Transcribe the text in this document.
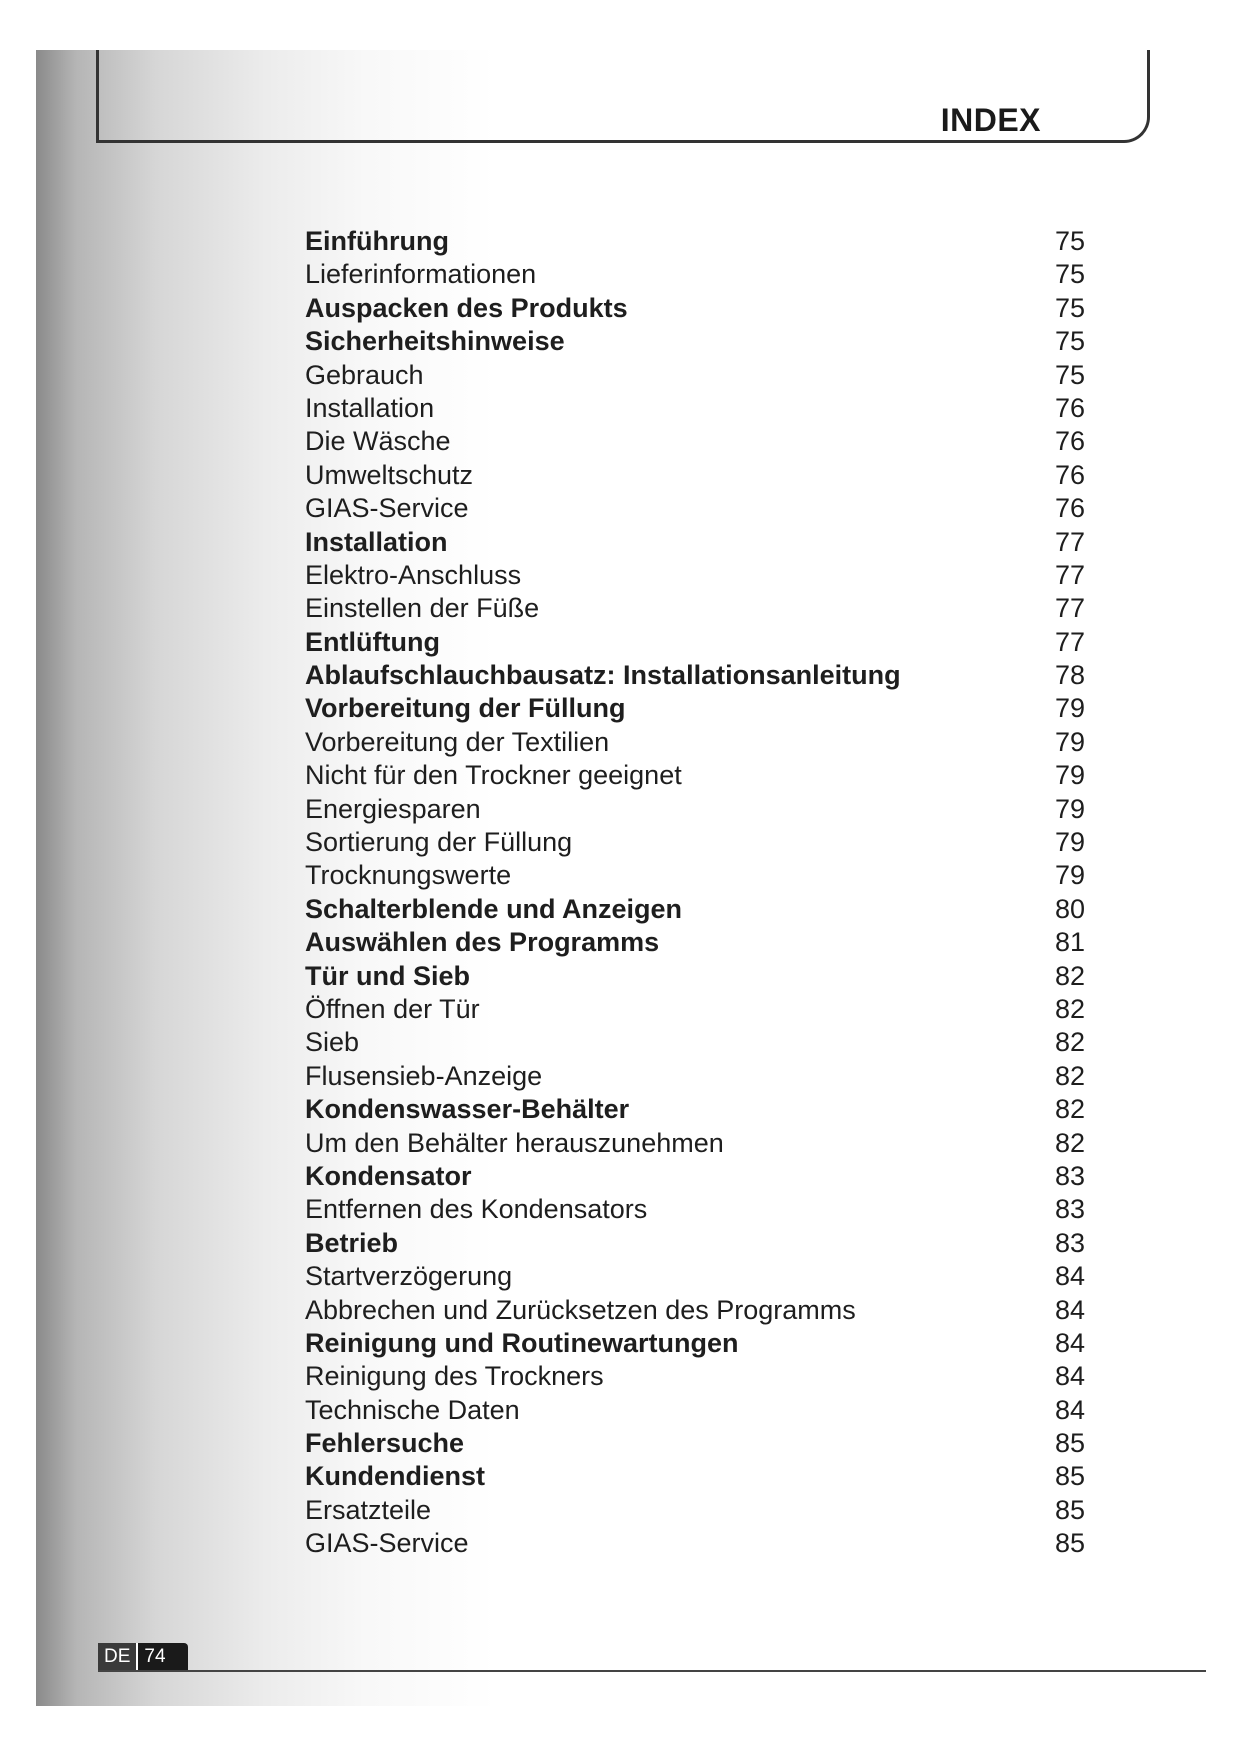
INDEX
Einführung	75
Lieferinformationen	75
Auspacken des Produkts	75
Sicherheitshinweise	75
Gebrauch	75
Installation	76
Die Wäsche	76
Umweltschutz	76
GIAS-Service	76
Installation	77
Elektro-Anschluss	77
Einstellen der Füße	77
Entlüftung	77
Ablaufschlauchbausatz: Installationsanleitung	78
Vorbereitung der Füllung	79
Vorbereitung der Textilien	79
Nicht für den Trockner geeignet	79
Energiesparen	79
Sortierung der Füllung	79
Trocknungswerte	79
Schalterblende und Anzeigen	80
Auswählen des Programms	81
Tür und Sieb	82
Öffnen der Tür	82
Sieb	82
Flusensieb-Anzeige	82
Kondenswasser-Behälter	82
Um den Behälter herauszunehmen	82
Kondensator	83
Entfernen des Kondensators	83
Betrieb	83
Startverzögerung	84
Abbrechen und Zurücksetzen des Programms	84
Reinigung und Routinewartungen	84
Reinigung des Trockners	84
Technische Daten	84
Fehlersuche	85
Kundendienst	85
Ersatzteile	85
GIAS-Service	85
DE 74
